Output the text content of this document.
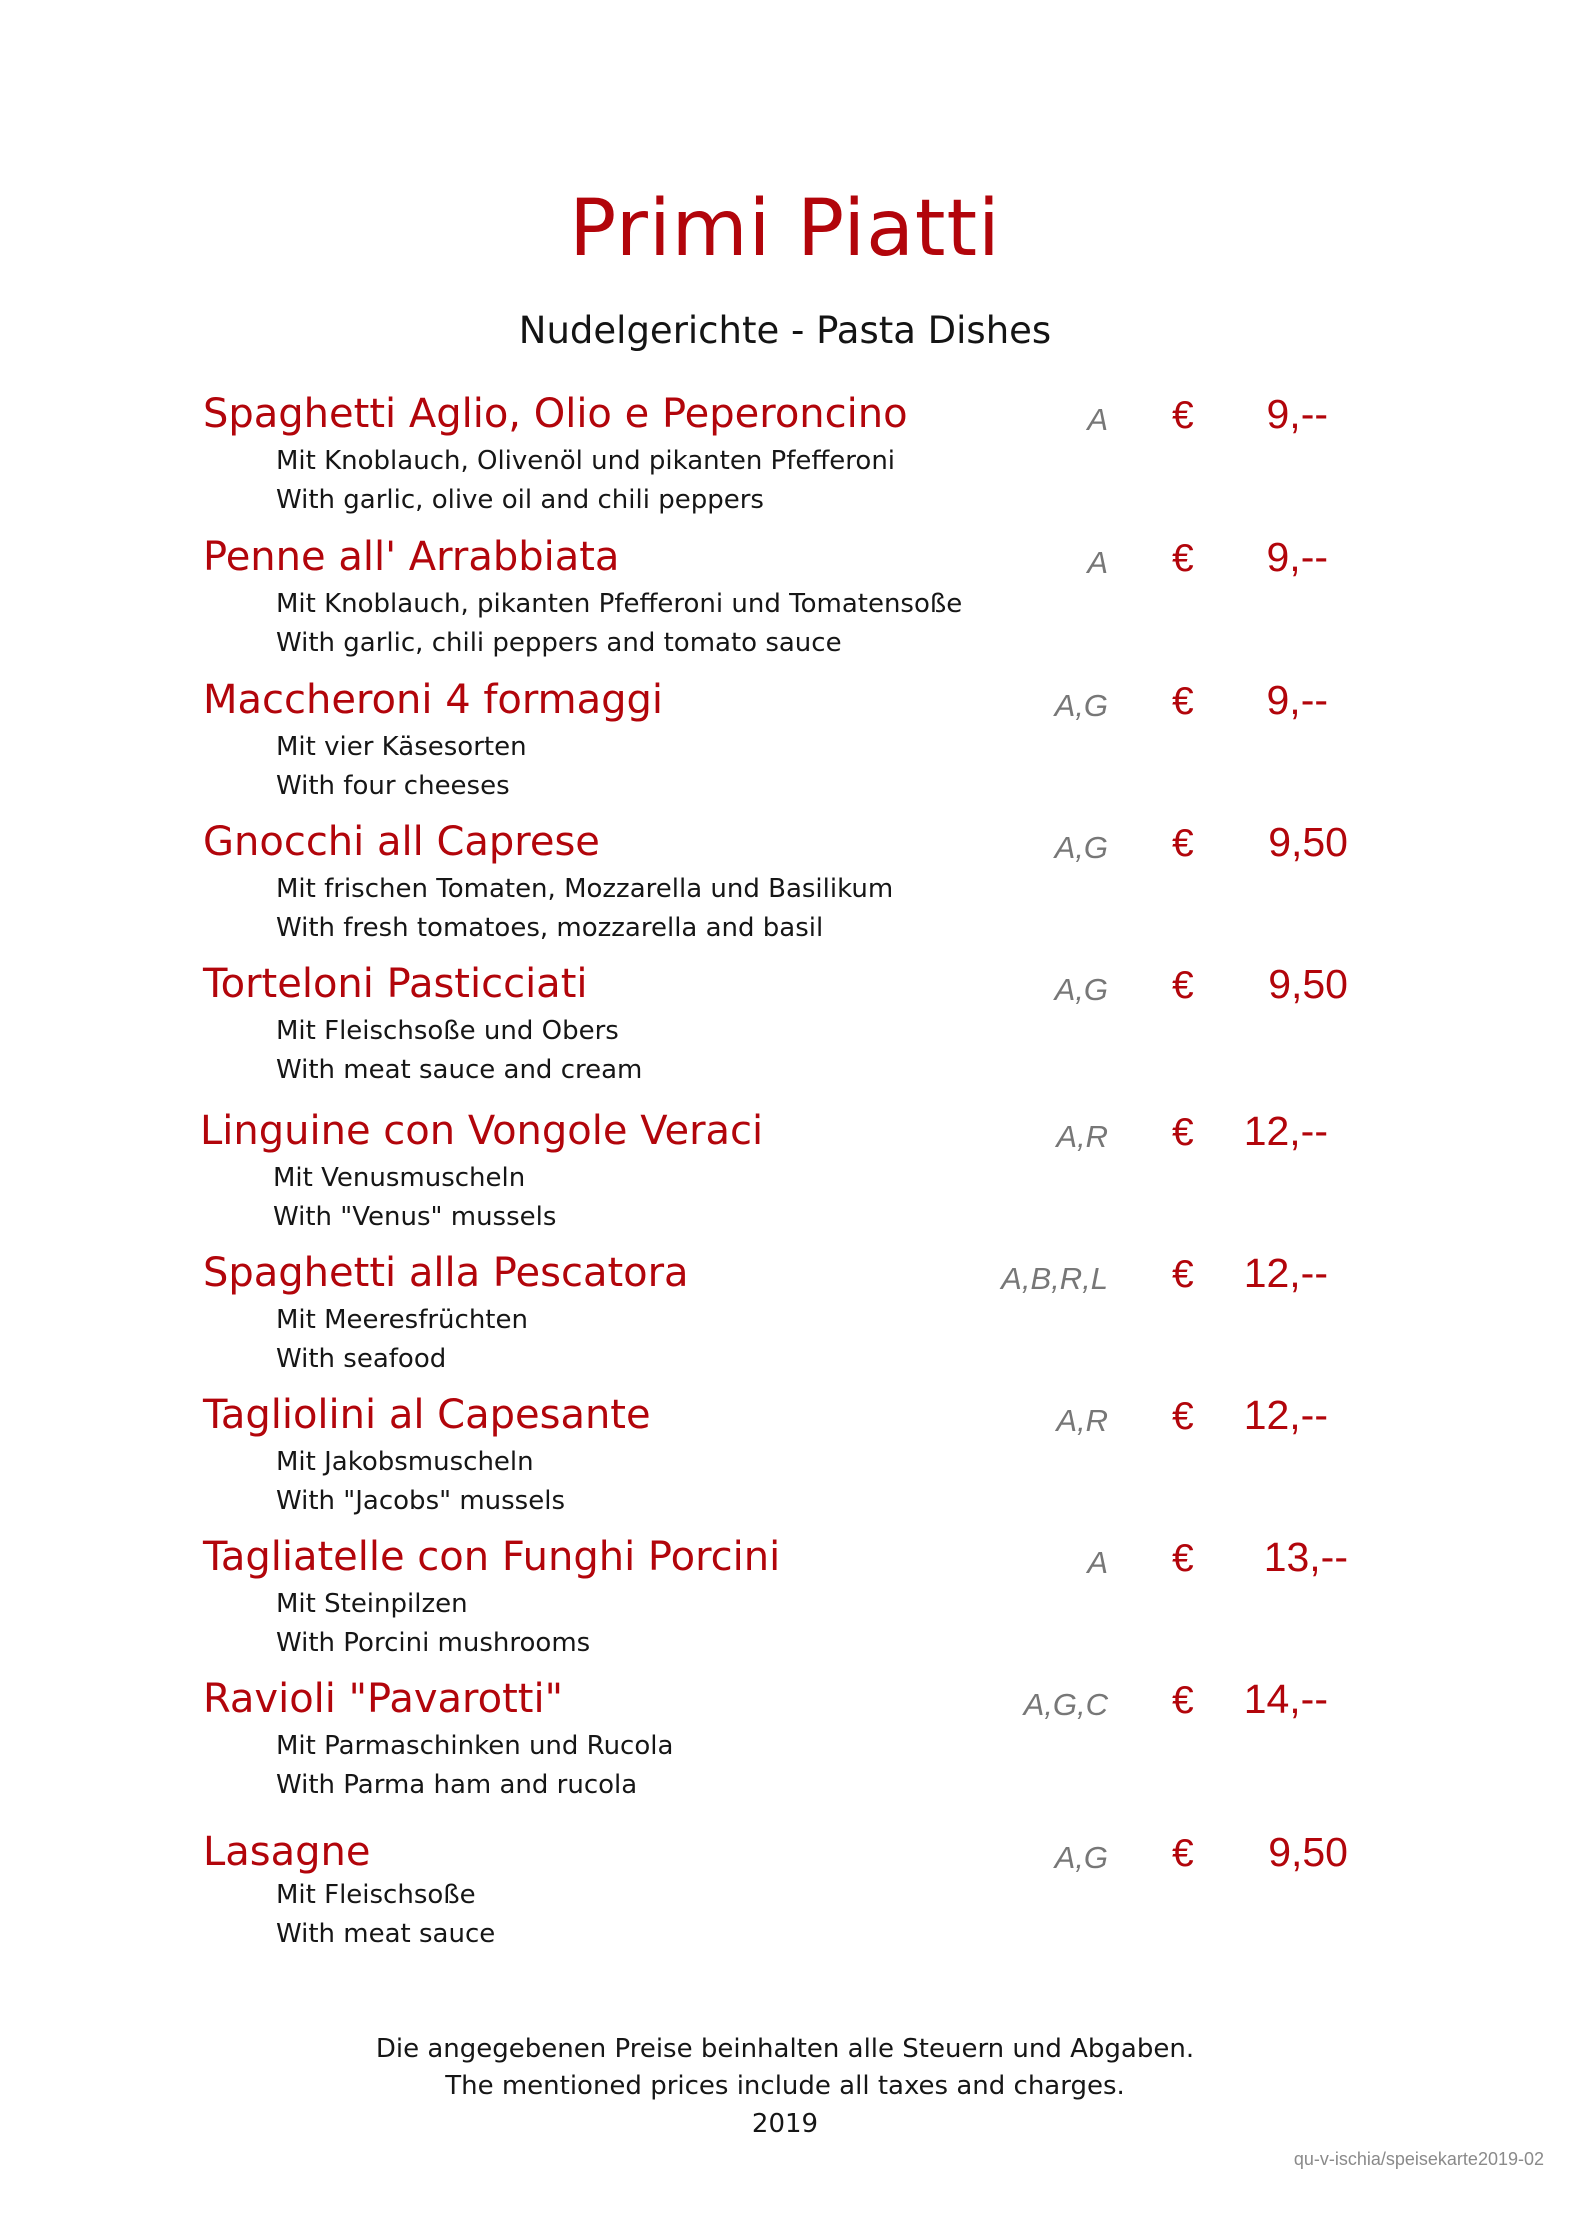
Primi Piatti
Nudelgerichte - Pasta Dishes
Spaghetti Aglio, Olio e Peperoncino
Mit Knoblauch, Olivenöl und pikanten Pfefferoni
With garlic, olive oil and chili peppers
A €	9,--
Penne all' Arrabbiata
Mit Knoblauch, pikanten Pfefferoni und Tomatensoße
With garlic, chili peppers and tomato sauce
A €	9,--
Maccheroni 4 formaggi
Mit vier Käsesorten
With four cheeses
A,G €	9,--
Gnocchi all Caprese
Mit frischen Tomaten, Mozzarella und Basilikum
With fresh tomatoes, mozzarella and basil
A,G €	9,50
Torteloni Pasticciati
Mit Fleischsoße und Obers
With meat sauce and cream
A,G €	9,50
Linguine con Vongole Veraci
Mit Venusmuscheln
With "Venus" mussels
A,R €	12,--
Spaghetti alla Pescatora
Mit Meeresfrüchten
With seafood
A,B,R,L €	12,--
Tagliolini al Capesante
Mit Jakobsmuscheln
With "Jacobs" mussels
A,R €	12,--
Tagliatelle con Funghi Porcini
Mit Steinpilzen
With Porcini mushrooms
A €	13,--
Ravioli "Pavarotti"
Mit Parmaschinken und Rucola
With Parma ham and rucola
A,G,C €	14,--
Lasagne
Mit Fleischsoße
With meat sauce
A,G €	9,50
Die angegebenen Preise beinhalten alle Steuern und Abgaben.
The mentioned prices include all taxes and charges.
2019
qu-v-ischia/speisekarte2019-02
